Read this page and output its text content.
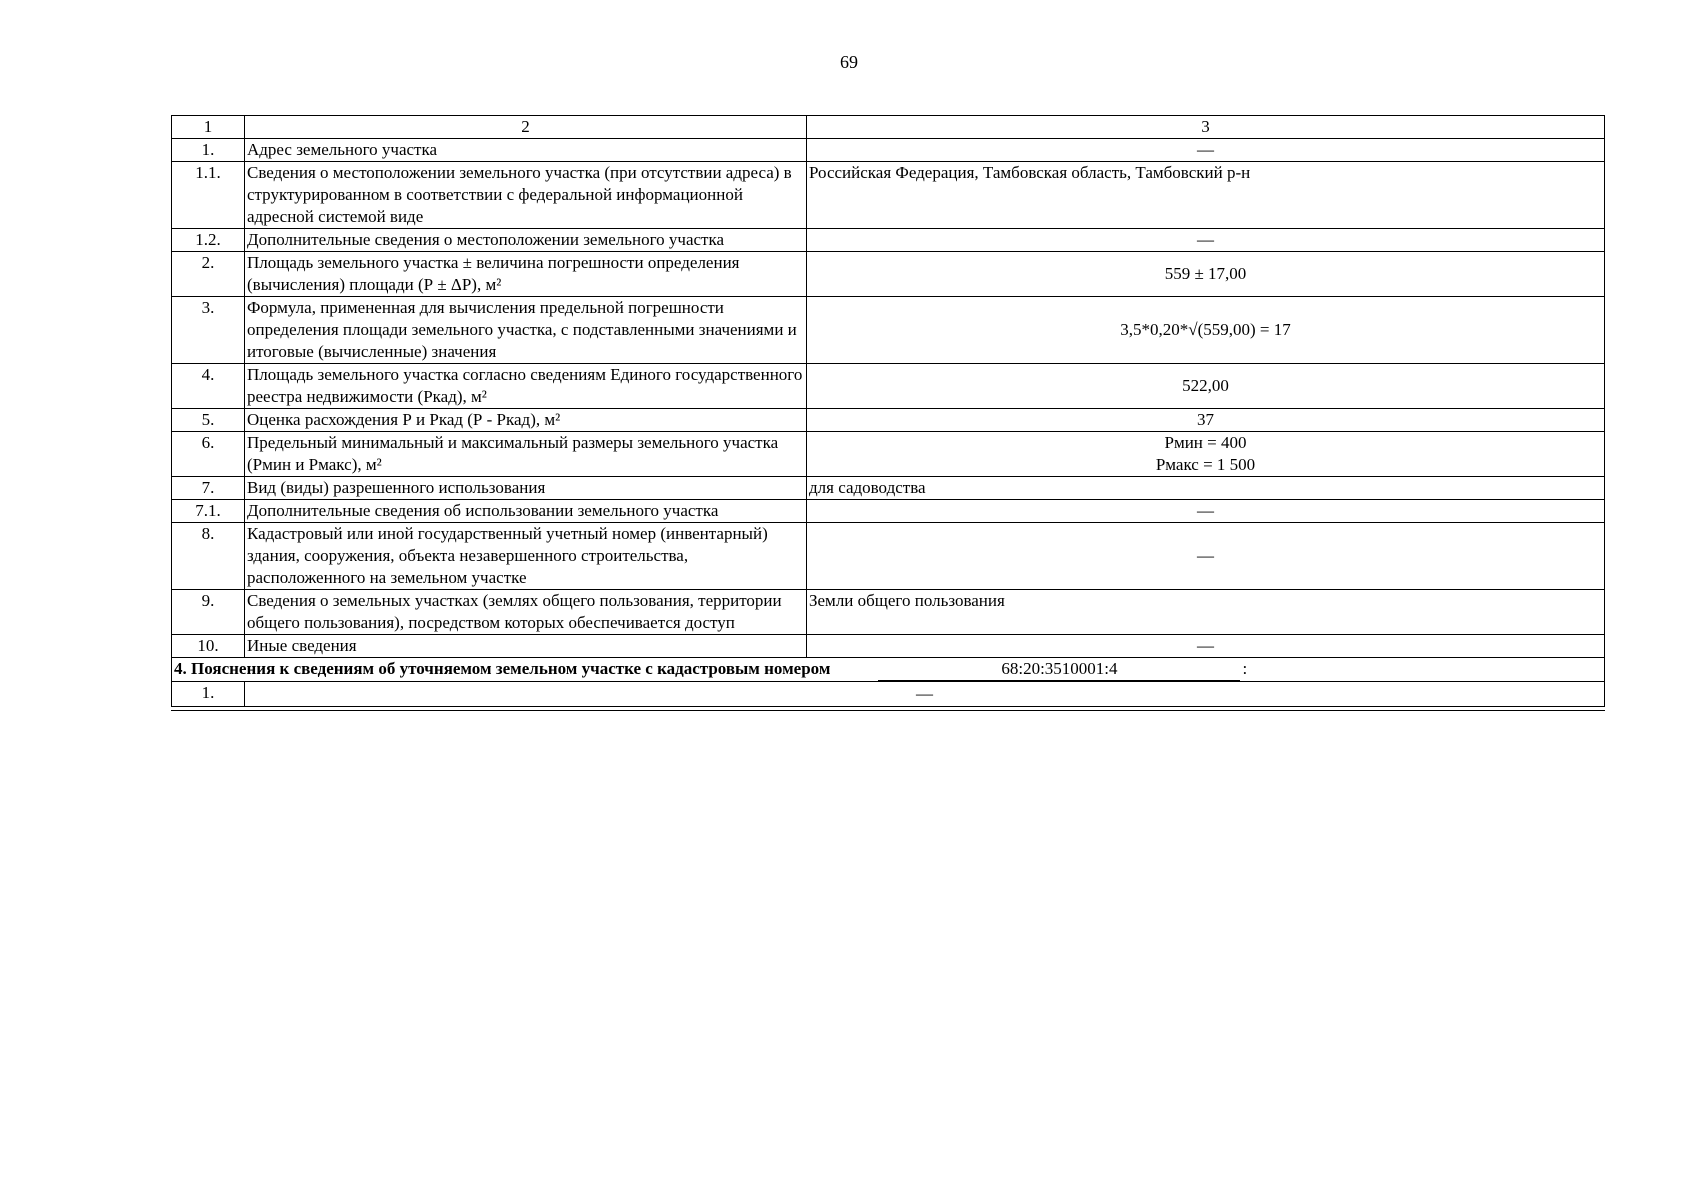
69
1	2	3
1.	Адрес земельного участка	—
1.1.	Сведения о местоположении земельного участка (при отсутствии адреса) в структурированном в соответствии с федеральной информационной адресной системой виде	Российская Федерация, Тамбовская область, Тамбовский р-н
1.2.	Дополнительные сведения о местоположении земельного участка	—
2.	Площадь земельного участка ± величина погрешности определения (вычисления) площади (Р ± ΔР), м²	559 ± 17,00
3.	Формула, примененная для вычисления предельной погрешности определения площади земельного участка, с подставленными значениями и итоговые (вычисленные) значения	3,5*0,20*√(559,00) = 17
4.	Площадь земельного участка согласно сведениям Единого государственного реестра недвижимости (Ркад), м²	522,00
5.	Оценка расхождения Р и Ркад (Р - Ркад), м²	37
6.	Предельный минимальный и максимальный размеры земельного участка (Рмин и Рмакс), м²	Рмин = 400
Рмакс = 1 500

7.	Вид (виды) разрешенного использования	для садоводства
7.1.	Дополнительные сведения об использовании земельного участка	—
8.	Кадастровый или иной государственный учетный номер (инвентарный) здания, сооружения, объекта незавершенного строительства, расположенного на земельном участке	—
9.	Сведения о земельных участках (землях общего пользования, территории общего пользования), посредством которых обеспечивается доступ	Земли общего пользования
10.	Иные сведения	—
4. Пояснения к сведениям об уточняемом земельном участке с кадастровым номером 68:20:3510001:4 :		
1.	—	
